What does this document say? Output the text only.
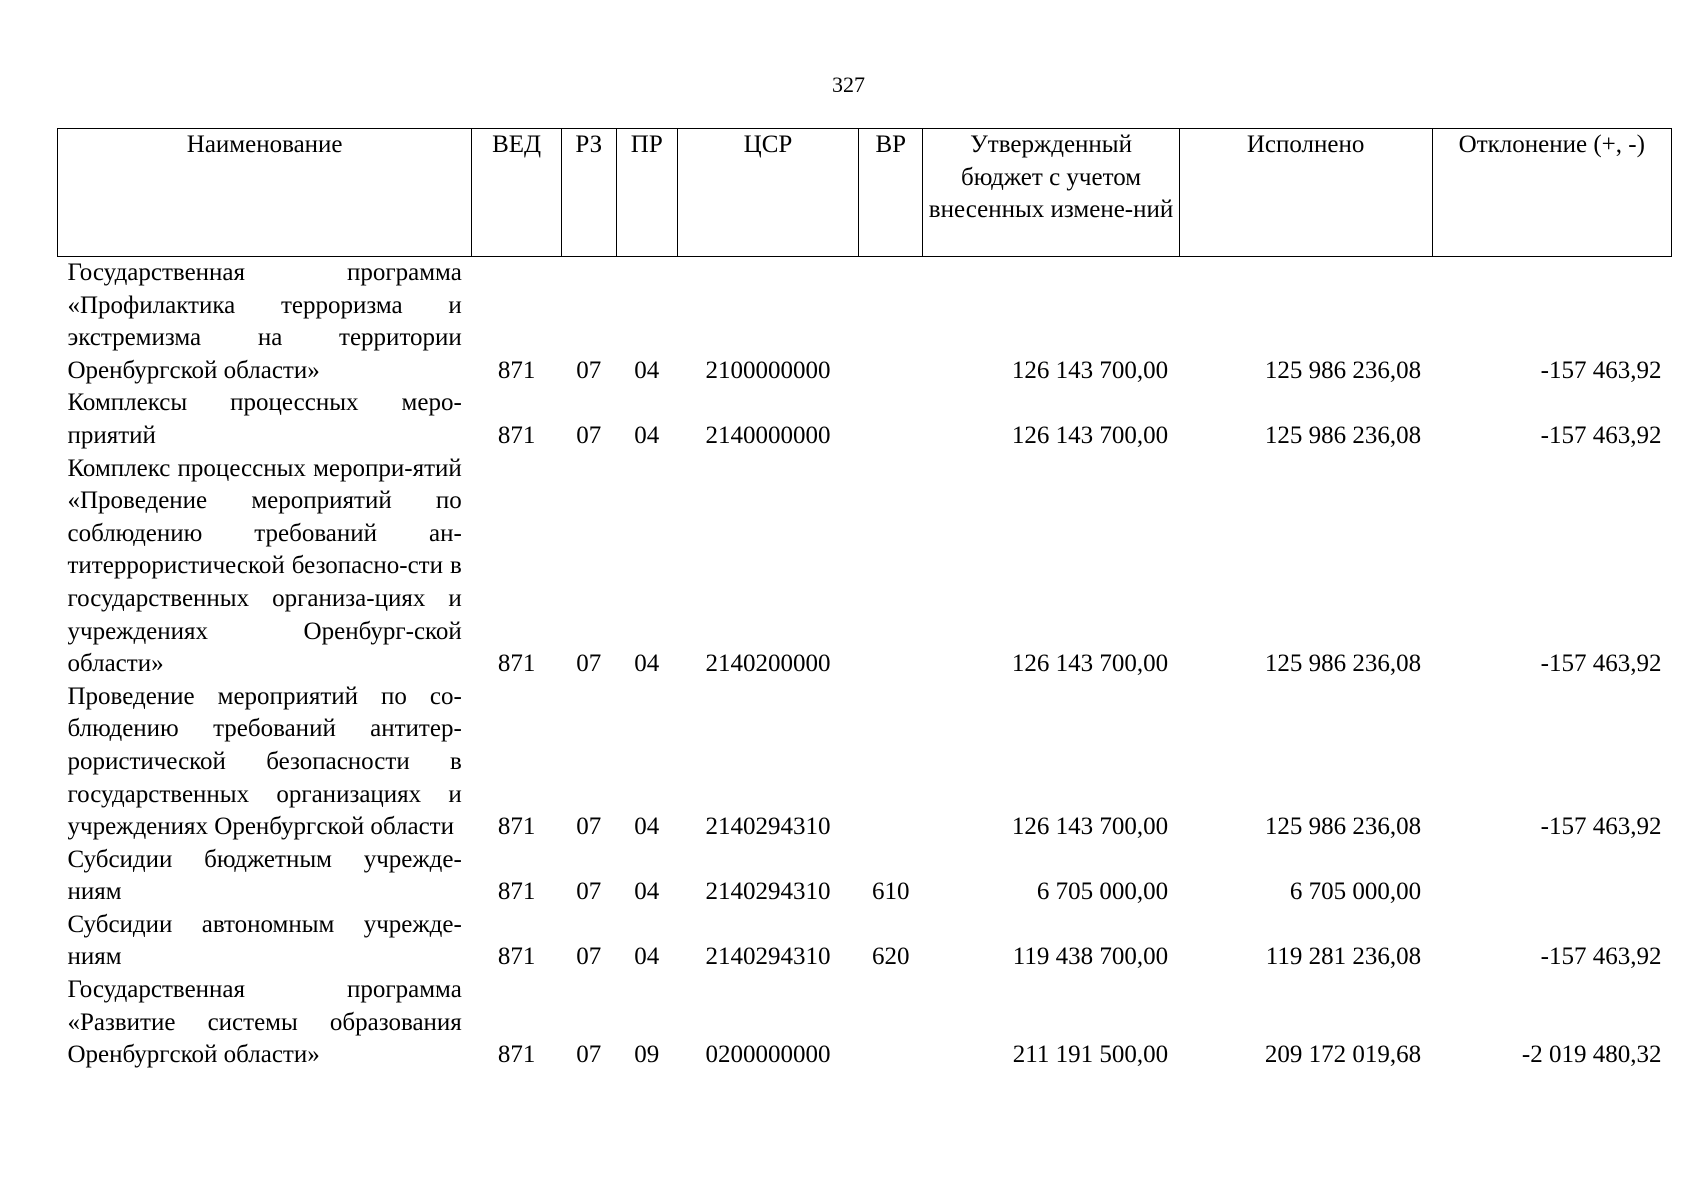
327
Наименование	ВЕД	РЗ	ПР	ЦСР	ВР	Утвержденный бюджет с учетом внесенных измене-ний	Исполнено	Отклонение (+, -)
Государственная программа «Профилактика терроризма и экстремизма на территории Оренбургской области»	871	07	04	2100000000		126 143 700,00	125 986 236,08	-157 463,92
Комплексы процессных меро-приятий	871	07	04	2140000000		126 143 700,00	125 986 236,08	-157 463,92
Комплекс процессных меропри-ятий «Проведение мероприятий по соблюдению требований ан-титеррористической безопасно-сти в государственных организа-циях и учреждениях Оренбург-ской области»	871	07	04	2140200000		126 143 700,00	125 986 236,08	-157 463,92
Проведение мероприятий по со-блюдению требований антитер-рористической безопасности в государственных организациях и учреждениях Оренбургской области	871	07	04	2140294310		126 143 700,00	125 986 236,08	-157 463,92
Субсидии бюджетным учрежде-ниям	871	07	04	2140294310	610	6 705 000,00	6 705 000,00	
Субсидии автономным учрежде-ниям	871	07	04	2140294310	620	119 438 700,00	119 281 236,08	-157 463,92
Государственная программа «Развитие системы образования Оренбургской области»	871	07	09	0200000000		211 191 500,00	209 172 019,68	-2 019 480,32
